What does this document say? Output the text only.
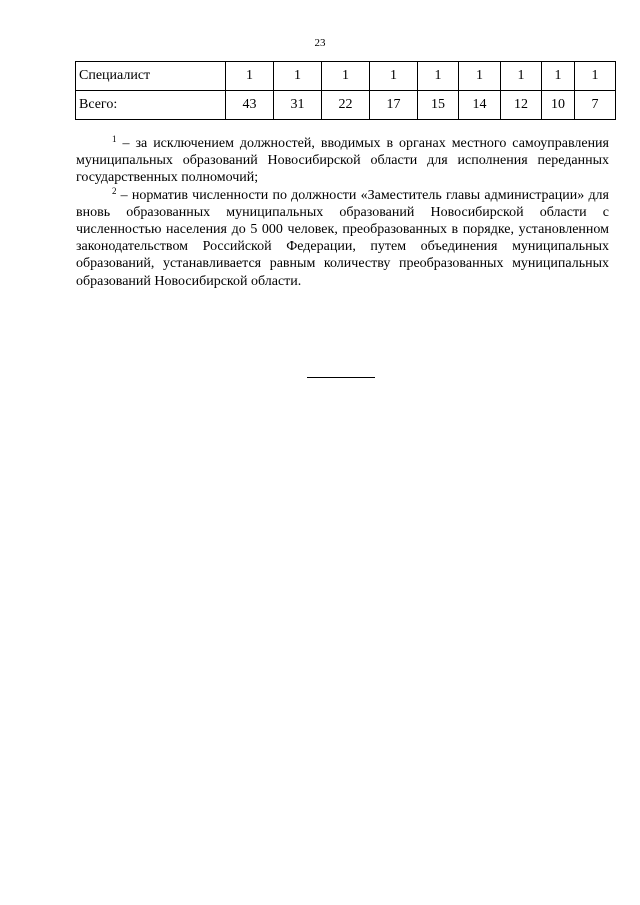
23
Специалист	1	1	1	1	1	1	1	1	1
Всего:	43	31	22	17	15	14	12	10	7

$^1$ – за исключением должностей, вводимых в органах местного самоуправления муниципальных образований Новосибирской области для исполнения переданных государственных полномочий;

$^2$ – норматив численности по должности «Заместитель главы администрации» для вновь образованных муниципальных образований Новосибирской области с численностью населения до 5 000 человек, преобразованных в порядке, установленном законодательством Российской Федерации, путем объединения муниципальных образований, устанавливается равным количеству преобразованных муниципальных образований Новосибирской области.
